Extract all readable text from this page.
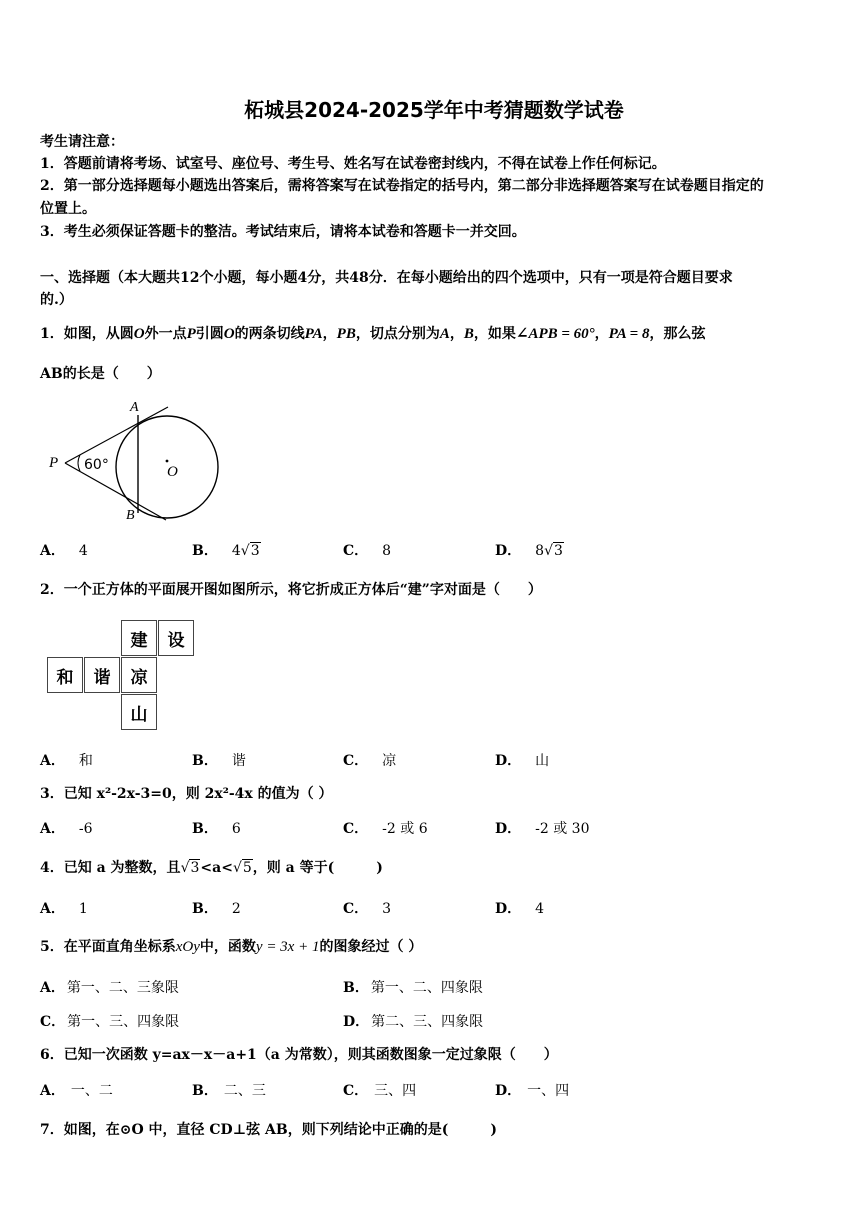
柘城县2024-2025学年中考猜题数学试卷
考生请注意：
1．答题前请将考场、试室号、座位号、考生号、姓名写在试卷密封线内，不得在试卷上作任何标记。
2．第一部分选择题每小题选出答案后，需将答案写在试卷指定的括号内，第二部分非选择题答案写在试卷题目指定的
位置上。
3．考生必须保证答题卡的整洁。考试结束后，请将本试卷和答题卡一并交回。
一、选择题（本大题共12个小题，每小题4分，共48分．在每小题给出的四个选项中，只有一项是符合题目要求
的.）
1．如图，从圆O外一点P引圆O的两条切线PA，PB，切点分别为A，B，如果∠APB = 60°，PA = 8，那么弦
AB的长是（　　）
A
B
P
O
60°
A． 4	B． 4√3	C． 8	D． 8√3
2．一个正方体的平面展开图如图所示，将它折成正方体后“建”字对面是（　　）
建	设
和	谐	凉
山
A． 和	B． 谐	C． 凉	D． 山
3．已知 x²-2x-3=0，则 2x²-4x 的值为（ ）
A． -6	B． 6	C． -2 或 6	D． -2 或 30
4．已知 a 为整数，且√3<a<√5，则 a 等于(　　　)
A． 1	B． 2	C． 3	D． 4
5．在平面直角坐标系xOy中，函数y = 3x + 1的图象经过（ ）
A． 第一、二、三象限	B． 第一、二、四象限
C． 第一、三、四象限	D． 第二、三、四象限
6．已知一次函数 y=ax－x－a+1（a 为常数），则其函数图象一定过象限（　　）
A． 一、二	B． 二、三	C． 三、四	D． 一、四
7．如图，在⊙O 中，直径 CD⊥弦 AB，则下列结论中正确的是(　　　)
